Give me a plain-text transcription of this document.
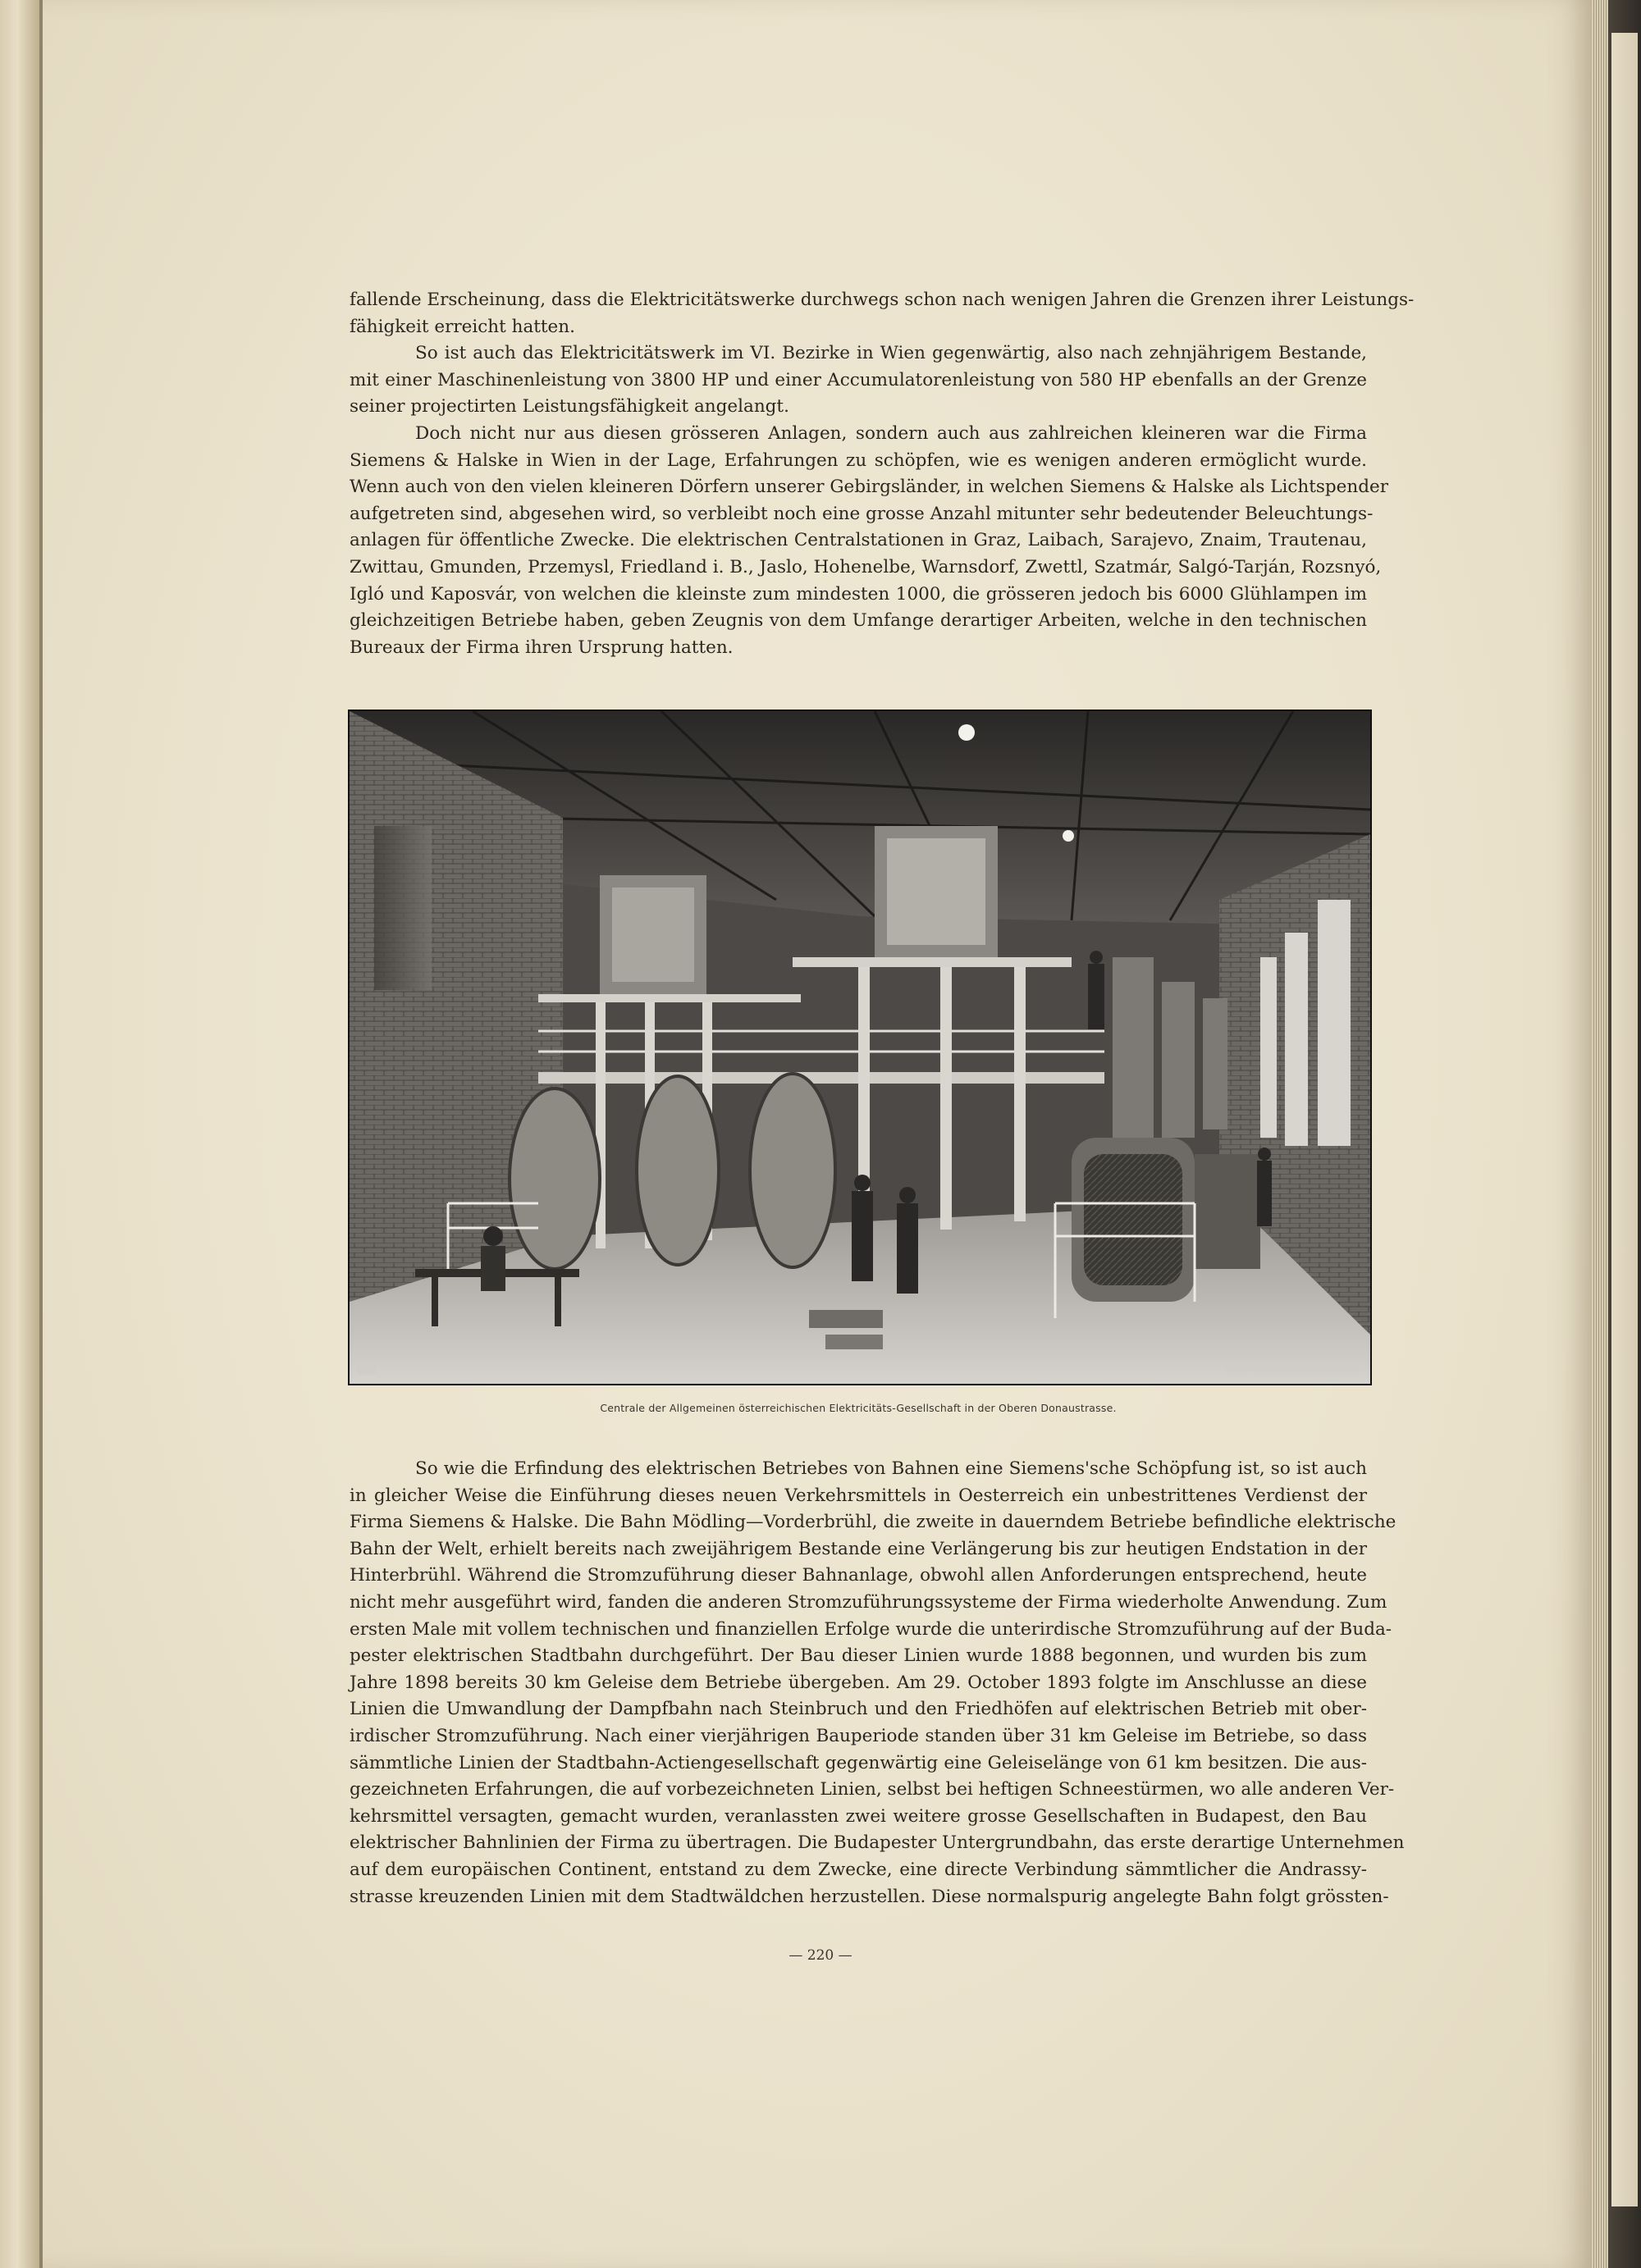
fallende Erscheinung, dass die Elektricitätswerke durchwegs schon nach wenigen Jahren die Grenzen ihrer Leistungs-
fähigkeit erreicht hatten.

So ist auch das Elektricitätswerk im VI. Bezirke in Wien gegenwärtig, also nach zehnjährigem Bestande,
mit einer Maschinenleistung von 3800 HP und einer Accumulatorenleistung von 580 HP ebenfalls an der Grenze
seiner projectirten Leistungsfähigkeit angelangt.

Doch nicht nur aus diesen grösseren Anlagen, sondern auch aus zahlreichen kleineren war die Firma
Siemens & Halske in Wien in der Lage, Erfahrungen zu schöpfen, wie es wenigen anderen ermöglicht wurde.
Wenn auch von den vielen kleineren Dörfern unserer Gebirgsländer, in welchen Siemens & Halske als Lichtspender
aufgetreten sind, abgesehen wird, so verbleibt noch eine grosse Anzahl mitunter sehr bedeutender Beleuchtungs-
anlagen für öffentliche Zwecke. Die elektrischen Centralstationen in Graz, Laibach, Sarajevo, Znaim, Trautenau,
Zwittau, Gmunden, Przemysl, Friedland i. B., Jaslo, Hohenelbe, Warnsdorf, Zwettl, Szatmár, Salgó-Tarján, Rozsnyó,
Igló und Kaposvár, von welchen die kleinste zum mindesten 1000, die grösseren jedoch bis 6000 Glühlampen im
gleichzeitigen Betriebe haben, geben Zeugnis von dem Umfange derartiger Arbeiten, welche in den technischen
Bureaux der Firma ihren Ursprung hatten.

Centrale der Allgemeinen österreichischen Elektricitäts-Gesellschaft in der Oberen Donaustrasse.

So wie die Erfindung des elektrischen Betriebes von Bahnen eine Siemens'sche Schöpfung ist, so ist auch
in gleicher Weise die Einführung dieses neuen Verkehrsmittels in Oesterreich ein unbestrittenes Verdienst der
Firma Siemens & Halske. Die Bahn Mödling—Vorderbrühl, die zweite in dauerndem Betriebe befindliche elektrische
Bahn der Welt, erhielt bereits nach zweijährigem Bestande eine Verlängerung bis zur heutigen Endstation in der
Hinterbrühl. Während die Stromzuführung dieser Bahnanlage, obwohl allen Anforderungen entsprechend, heute
nicht mehr ausgeführt wird, fanden die anderen Stromzuführungssysteme der Firma wiederholte Anwendung. Zum
ersten Male mit vollem technischen und finanziellen Erfolge wurde die unterirdische Stromzuführung auf der Buda-
pester elektrischen Stadtbahn durchgeführt. Der Bau dieser Linien wurde 1888 begonnen, und wurden bis zum
Jahre 1898 bereits 30 km Geleise dem Betriebe übergeben. Am 29. October 1893 folgte im Anschlusse an diese
Linien die Umwandlung der Dampfbahn nach Steinbruch und den Friedhöfen auf elektrischen Betrieb mit ober-
irdischer Stromzuführung. Nach einer vierjährigen Bauperiode standen über 31 km Geleise im Betriebe, so dass
sämmtliche Linien der Stadtbahn-Actiengesellschaft gegenwärtig eine Geleiselänge von 61 km besitzen. Die aus-
gezeichneten Erfahrungen, die auf vorbezeichneten Linien, selbst bei heftigen Schneestürmen, wo alle anderen Ver-
kehrsmittel versagten, gemacht wurden, veranlassten zwei weitere grosse Gesellschaften in Budapest, den Bau
elektrischer Bahnlinien der Firma zu übertragen. Die Budapester Untergrundbahn, das erste derartige Unternehmen
auf dem europäischen Continent, entstand zu dem Zwecke, eine directe Verbindung sämmtlicher die Andrassy-
strasse kreuzenden Linien mit dem Stadtwäldchen herzustellen. Diese normalspurig angelegte Bahn folgt grössten-

— 220 —
